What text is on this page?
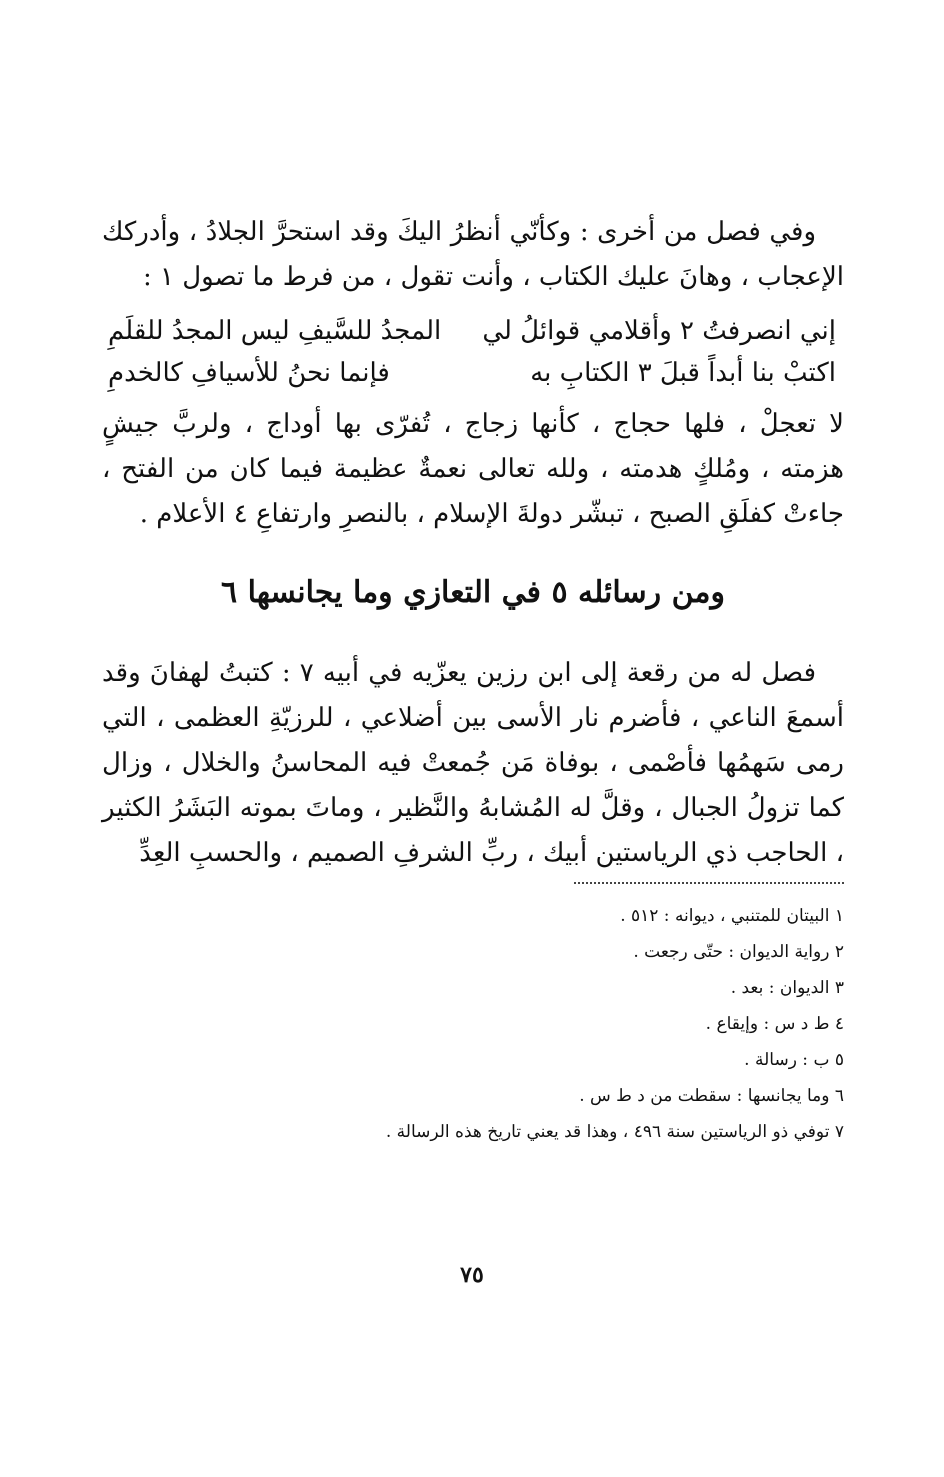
وفي فصل من أخرى : وكأنّي أنظرُ اليكَ وقد استحرَّ الجلادُ ، وأدركك الإعجاب ، وهانَ عليك الكتاب ، وأنت تقول ، من فرط ما تصول ١ :

إني انصرفتُ ٢ وأقلامي قوائلُ لي
المجدُ للسَّيفِ ليس المجدُ للقلَمِ
اكتبْ بنا أبداً قبلَ ٣ الكتابِ به
فإنما نحنُ للأسيافِ كالخدمِ

لا تعجلْ ، فلها حجاج ، كأنها زجاج ، تُفرّى بها أوداج ، ولربَّ جيشٍ هزمته ، ومُلكٍ هدمته ، ولله تعالى نعمةٌ عظيمة فيما كان من الفتح ، جاءتْ كفلَقِ الصبح ، تبشّر دولةَ الإسلام ، بالنصرِ وارتفاعِ ٤ الأعلام .

ومن رسائله ٥ في التعازي وما يجانسها ٦

فصل له من رقعة إلى ابن رزين يعزّيه في أبيه ٧ : كتبتُ لهفانَ وقد أسمعَ الناعي ، فأضرم نار الأسى بين أضلاعي ، للرزيّةِ العظمى ، التي رمى سَهمُها فأصْمى ، بوفاة مَن جُمعتْ فيه المحاسنُ والخلال ، وزال كما تزولُ الجبال ، وقلَّ له المُشابهُ والنَّظير ، وماتَ بموته البَشَرُ الكثير ، الحاجب ذي الرياستين أبيك ، ربِّ الشرفِ الصميم ، والحسبِ العِدِّ

١ البيتان للمتنبي ، ديوانه : ٥١٢ .

٢ رواية الديوان : حتّى رجعت .

٣ الديوان : بعد .

٤ ط د س : وإيقاع .

٥ ب : رسالة .

٦ وما يجانسها : سقطت من د ط س .

٧ توفي ذو الرياستين سنة ٤٩٦ ، وهذا قد يعني تاريخ هذه الرسالة .

٧٥
